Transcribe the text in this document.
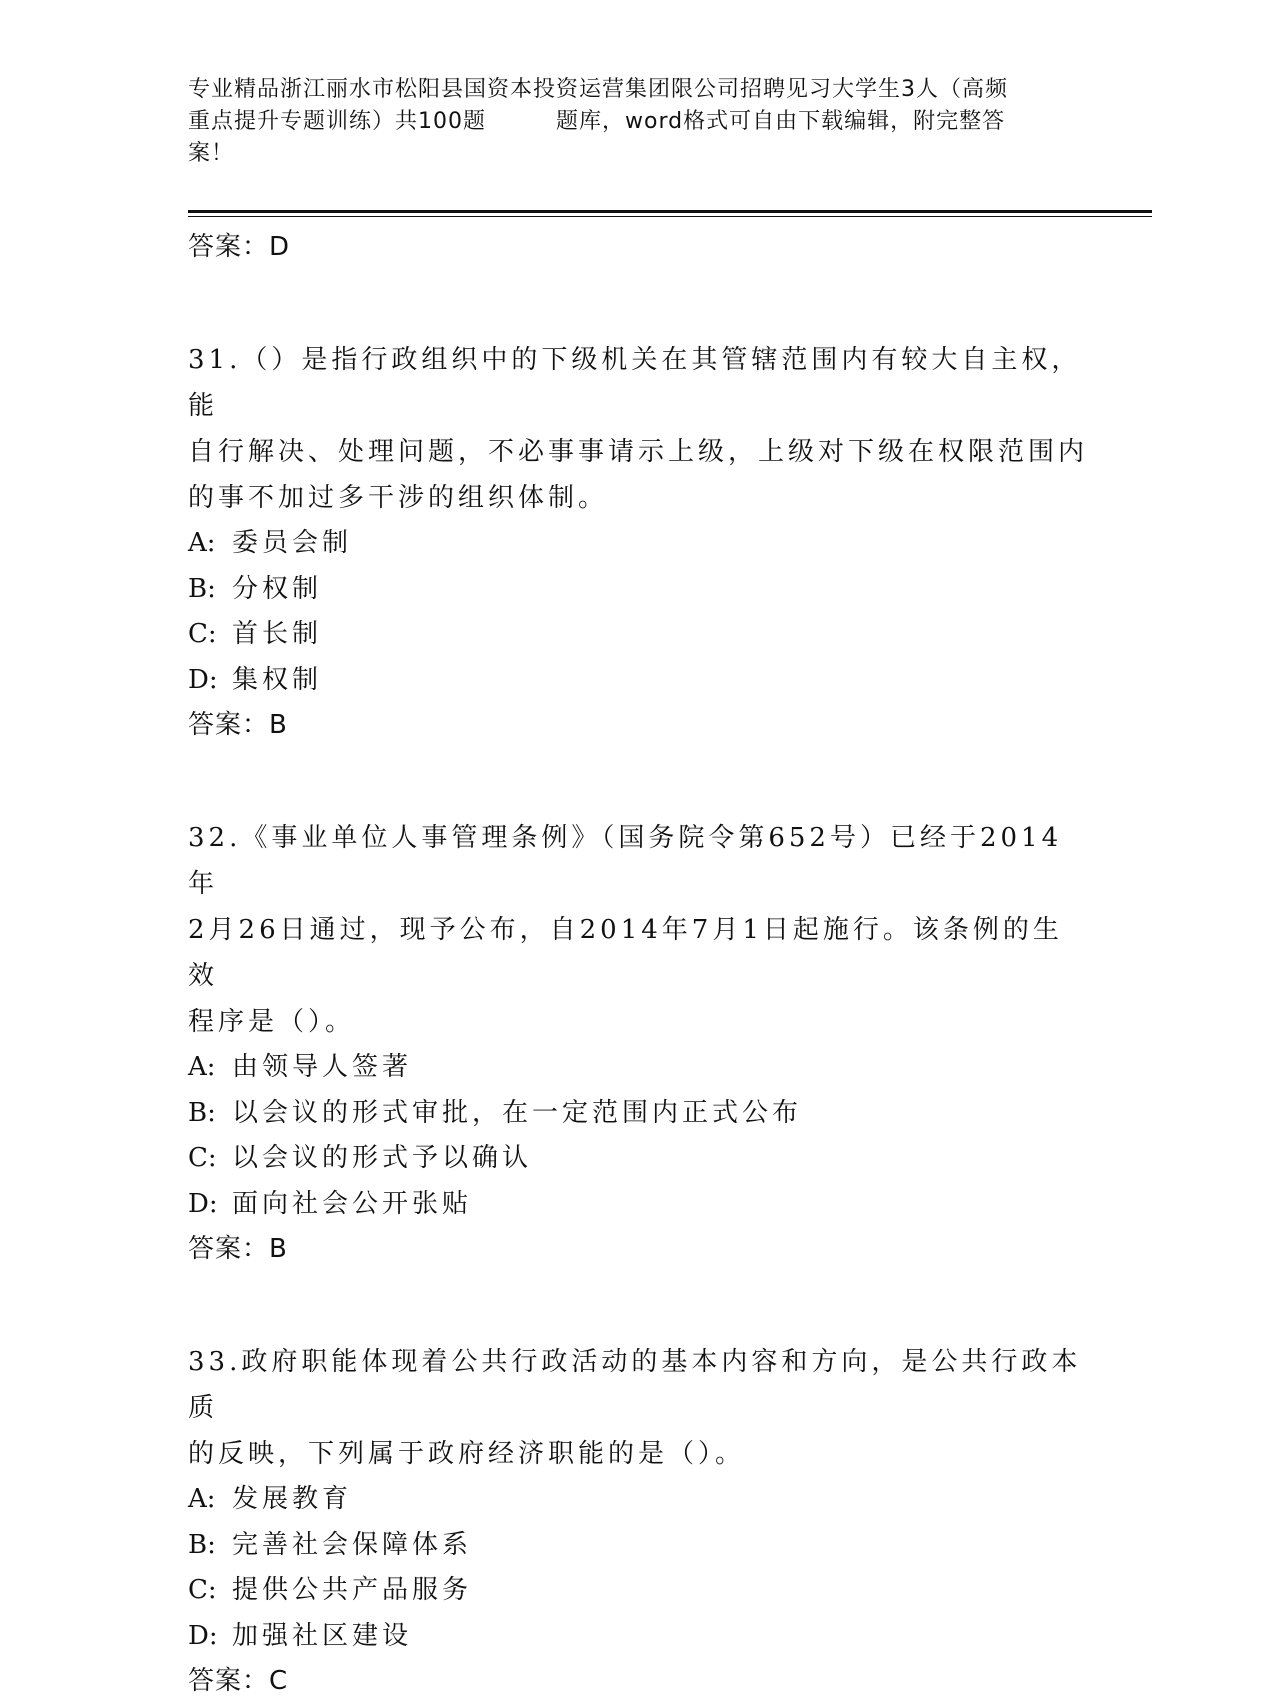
专业精品浙江丽水市松阳县国资本投资运营集团限公司招聘见习大学生3人（高频
重点提升专题训练）共100题	题库，word格式可自由下载编辑，附完整答
案！
答案：D
31.（）是指行政组织中的下级机关在其管辖范围内有较大自主权，能
自行解决、处理问题，不必事事请示上级，上级对下级在权限范围内
的事不加过多干涉的组织体制。
A: 委员会制
B: 分权制
C: 首长制
D: 集权制
答案：B
32.《事业单位人事管理条例》（国务院令第652号）已经于2014年
2月26日通过，现予公布，自2014年7月1日起施行。该条例的生效
程序是（）。
A: 由领导人签著
B: 以会议的形式审批，在一定范围内正式公布
C: 以会议的形式予以确认
D: 面向社会公开张贴
答案：B
33.政府职能体现着公共行政活动的基本内容和方向，是公共行政本质
的反映，下列属于政府经济职能的是（）。
A: 发展教育
B: 完善社会保障体系
C: 提供公共产品服务
D: 加强社区建设
答案：C
